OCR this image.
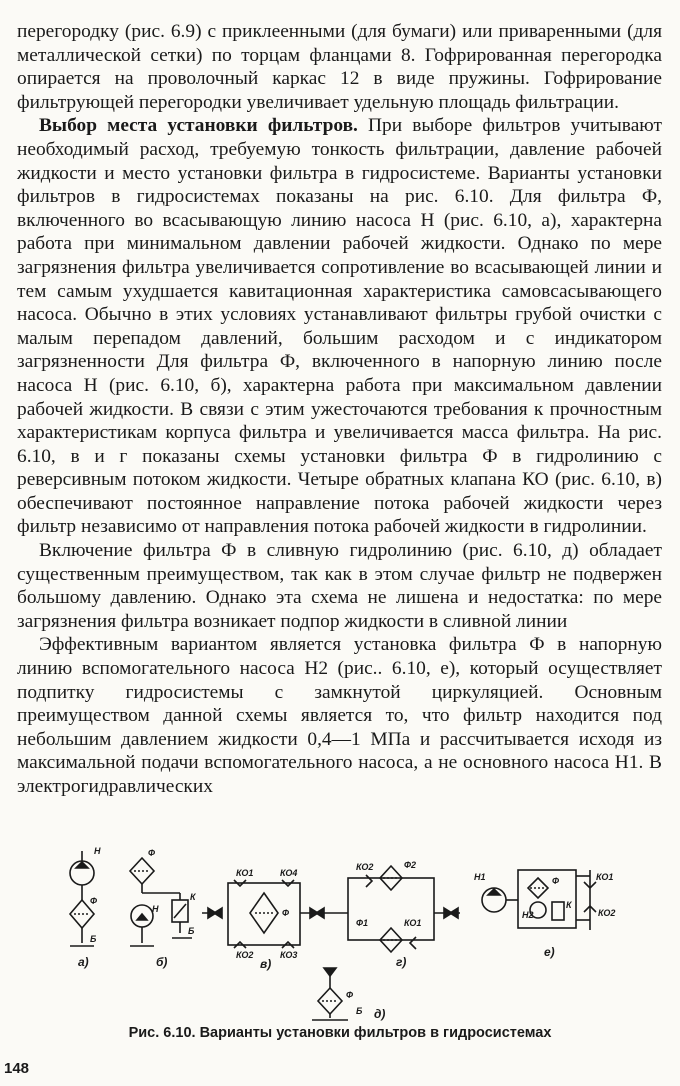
перегородку (рис. 6.9) с приклеенными (для бумаги) или приваренными (для металлической сетки) по торцам фланцами 8. Гофрированная перегородка опирается на проволочный каркас 12 в виде пружины. Гофрирование фильтрующей перегородки увеличивает удельную площадь фильтрации.

Выбор места установки фильтров. При выборе фильтров учитывают необходимый расход, требуемую тонкость фильтрации, давление рабочей жидкости и место установки фильтра в гидросистеме. Варианты установки фильтров в гидросистемах показаны на рис. 6.10. Для фильтра Ф, включенного во всасывающую линию насоса Н (рис. 6.10, а), характерна работа при минимальном давлении рабочей жидкости. Однако по мере загрязнения фильтра увеличивается сопротивление во всасывающей линии и тем самым ухудшается кавитационная характеристика самовсасывающего насоса. Обычно в этих условиях устанавливают фильтры грубой очистки с малым перепадом давлений, большим расходом и с индикатором загрязненности Для фильтра Ф, включенного в напорную линию после насоса Н (рис. 6.10, б), характерна работа при максимальном давлении рабочей жидкости. В связи с этим ужесточаются требования к прочностным характеристикам корпуса фильтра и увеличивается масса фильтра. На рис. 6.10, в и г показаны схемы установки фильтра Ф в гидролинию с реверсивным потоком жидкости. Четыре обратных клапана КО (рис. 6.10, в) обеспечивают постоянное направление потока рабочей жидкости через фильтр независимо от направления потока рабочей жидкости в гидролинии.

Включение фильтра Ф в сливную гидролинию (рис. 6.10, д) обладает существенным преимуществом, так как в этом случае фильтр не подвержен большому давлению. Однако эта схема не лишена и недостатка: по мере загрязнения фильтра возникает подпор жидкости в сливной линии

Эффективным вариантом является установка фильтра Ф в напорную линию вспомогательного насоса Н2 (рис.. 6.10, е), который осуществляет подпитку гидросистемы с замкнутой циркуляцией. Основным преимуществом данной схемы является то, что фильтр находится под небольшим давлением жидкости 0,4—1 МПа и рассчитывается исходя из максимальной подачи вспомогательного насоса, а не основного насоса Н1. В электрогидравлических

Н
Ф
Б
а)
Ф
Н
К
Б
б)
КО1	КО4
Ф
КО2	КО3
в)
КО2	Ф2
Ф1	КО1
г)
Н1	Ф	КО1
Н2
К
КО2
е)
Ф
Б д)
Рис. 6.10. Варианты установки фильтров в гидросистемах
148
